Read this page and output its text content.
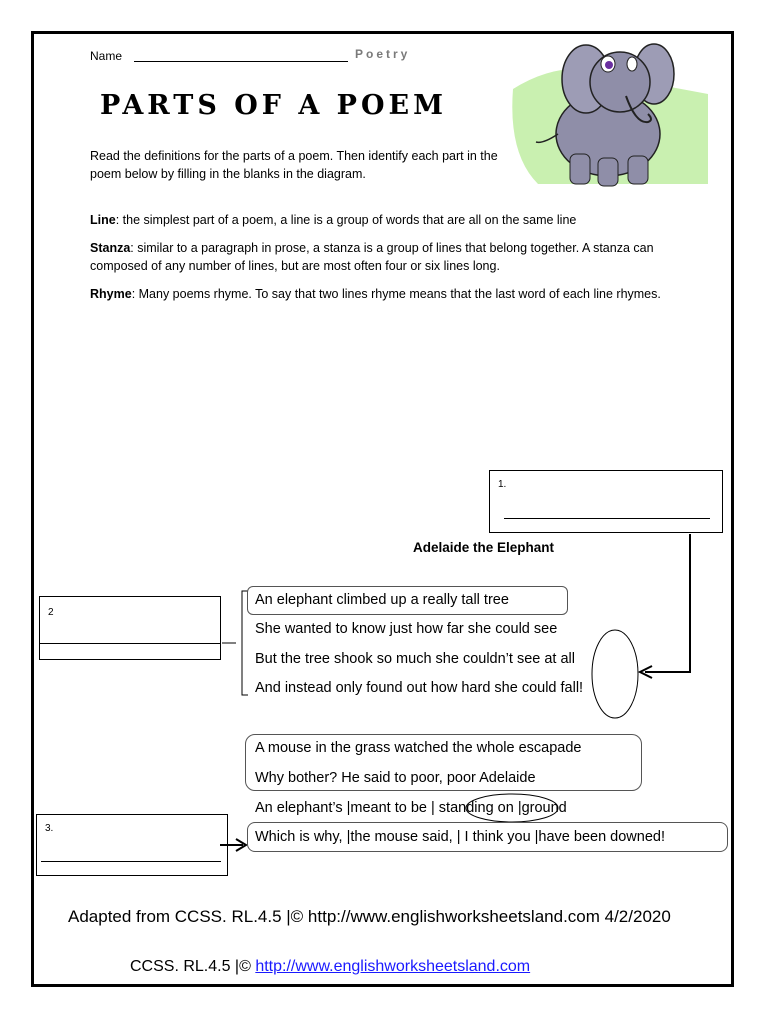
Name	Poetry
PARTS OF A POEM
Read the definitions for the parts of a poem. Then identify each part in the poem below by filling in the blanks in the diagram.
Line: the simplest part of a poem, a line is a group of words that are all on the same line
Stanza: similar to a paragraph in prose, a stanza is a group of lines that belong together. A stanza can composed of any number of lines, but are most often four or six lines long.
Rhyme: Many poems rhyme. To say that two lines rhyme means that the last word of each line rhymes.
1.
Adelaide the Elephant
2
3.
An elephant climbed up a really tall tree
She wanted to know just how far she could see
But the tree shook so much she couldn’t see at all
And instead only found out how hard she could fall!
A mouse in the grass watched the whole escapade
Why bother? He said to poor, poor Adelaide
An elephant’s |meant to be | standing on |ground
Which is why, |the mouse said, | I think you |have been downed!
Adapted from CCSS. RL.4.5 |© http://www.englishworksheetsland.com 4/2/2020
CCSS. RL.4.5 |© http://www.englishworksheetsland.com
